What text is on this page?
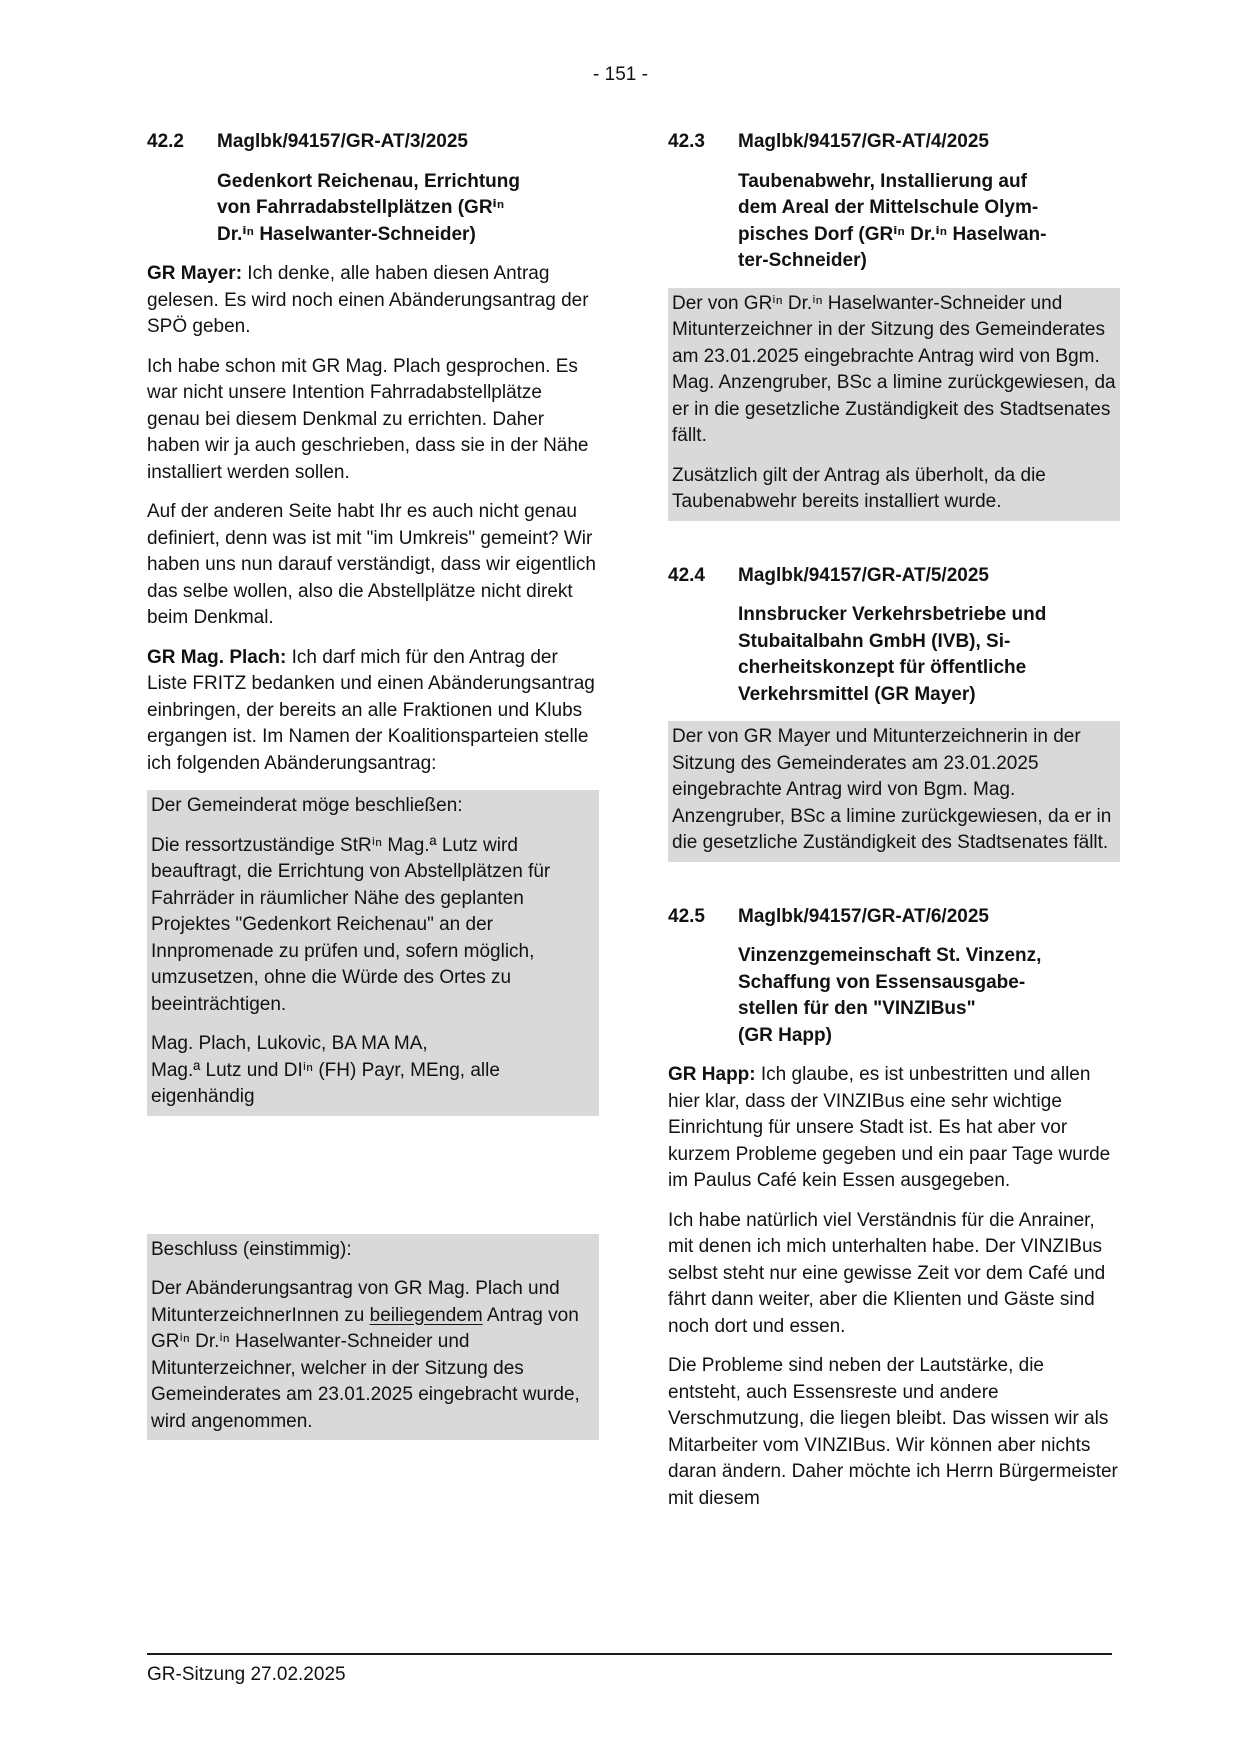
- 151 -
42.2	Maglbk/94157/GR-AT/3/2025
Gedenkort Reichenau, Errichtung
von Fahrradabstellplätzen (GRⁱⁿ
Dr.ⁱⁿ Haselwanter-Schneider)

GR Mayer: Ich denke, alle haben diesen Antrag gelesen. Es wird noch einen Abänderungsantrag der SPÖ geben.

Ich habe schon mit GR Mag. Plach gesprochen. Es war nicht unsere Intention Fahrradabstellplätze genau bei diesem Denkmal zu errichten. Daher haben wir ja auch geschrieben, dass sie in der Nähe installiert werden sollen.

Auf der anderen Seite habt Ihr es auch nicht genau definiert, denn was ist mit "im Umkreis" gemeint? Wir haben uns nun darauf verständigt, dass wir eigentlich das selbe wollen, also die Abstellplätze nicht direkt beim Denkmal.

GR Mag. Plach: Ich darf mich für den Antrag der Liste FRITZ bedanken und einen Abänderungsantrag einbringen, der bereits an alle Fraktionen und Klubs ergangen ist. Im Namen der Koalitionsparteien stelle ich folgenden Abänderungsantrag:

Der Gemeinderat möge beschließen:

Die ressortzuständige StRⁱⁿ Mag.ª Lutz wird beauftragt, die Errichtung von Abstellplätzen für Fahrräder in räumlicher Nähe des geplanten Projektes "Gedenkort Reichenau" an der Innpromenade zu prüfen und, sofern möglich, umzusetzen, ohne die Würde des Ortes zu beeinträchtigen.

Mag. Plach, Lukovic, BA MA MA,
Mag.ª Lutz und DIⁱⁿ (FH) Payr, MEng, alle eigenhändig

Beschluss (einstimmig):

Der Abänderungsantrag von GR Mag. Plach und MitunterzeichnerInnen zu beiliegendem Antrag von GRⁱⁿ Dr.ⁱⁿ Haselwanter-Schneider und Mitunterzeichner, welcher in der Sitzung des Gemeinderates am 23.01.2025 eingebracht wurde, wird angenommen.

42.3	Maglbk/94157/GR-AT/4/2025
Taubenabwehr, Installierung auf
dem Areal der Mittelschule Olym-
pisches Dorf (GRⁱⁿ Dr.ⁱⁿ Haselwan-
ter-Schneider)

Der von GRⁱⁿ Dr.ⁱⁿ Haselwanter-Schneider und Mitunterzeichner in der Sitzung des Gemeinderates am 23.01.2025 eingebrachte Antrag wird von Bgm. Mag. Anzengruber, BSc a limine zurückgewiesen, da er in die gesetzliche Zuständigkeit des Stadtsenates fällt.

Zusätzlich gilt der Antrag als überholt, da die Taubenabwehr bereits installiert wurde.

42.4	Maglbk/94157/GR-AT/5/2025
Innsbrucker Verkehrsbetriebe und
Stubaitalbahn GmbH (IVB), Si-
cherheitskonzept für öffentliche
Verkehrsmittel (GR Mayer)

Der von GR Mayer und Mitunterzeichnerin in der Sitzung des Gemeinderates am 23.01.2025 eingebrachte Antrag wird von Bgm. Mag. Anzengruber, BSc a limine zurückgewiesen, da er in die gesetzliche Zuständigkeit des Stadtsenates fällt.

42.5	Maglbk/94157/GR-AT/6/2025
Vinzenzgemeinschaft St. Vinzenz,
Schaffung von Essensausgabe-
stellen für den "VINZIBus"
(GR Happ)

GR Happ: Ich glaube, es ist unbestritten und allen hier klar, dass der VINZIBus eine sehr wichtige Einrichtung für unsere Stadt ist. Es hat aber vor kurzem Probleme gegeben und ein paar Tage wurde im Paulus Café kein Essen ausgegeben.

Ich habe natürlich viel Verständnis für die Anrainer, mit denen ich mich unterhalten habe. Der VINZIBus selbst steht nur eine gewisse Zeit vor dem Café und fährt dann weiter, aber die Klienten und Gäste sind noch dort und essen.

Die Probleme sind neben der Lautstärke, die entsteht, auch Essensreste und andere Verschmutzung, die liegen bleibt. Das wissen wir als Mitarbeiter vom VINZIBus. Wir können aber nichts daran ändern. Daher möchte ich Herrn Bürgermeister mit diesem

GR-Sitzung 27.02.2025
